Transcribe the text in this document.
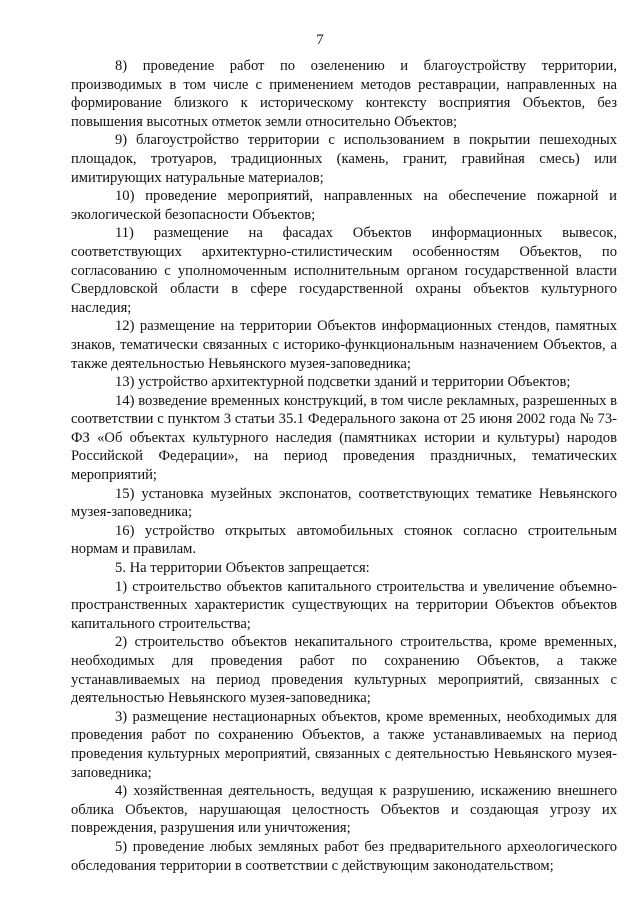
7

8) проведение работ по озеленению и благоустройству территории, производимых в том числе с применением методов реставрации, направленных на формирование близкого к историческому контексту восприятия Объектов, без повышения высотных отметок земли относительно Объектов;

9) благоустройство территории с использованием в покрытии пешеходных площадок, тротуаров, традиционных (камень, гранит, гравийная смесь) или имитирующих натуральные материалов;

10) проведение мероприятий, направленных на обеспечение пожарной и экологической безопасности Объектов;

11) размещение на фасадах Объектов информационных вывесок, соответствующих архитектурно-стилистическим особенностям Объектов, по согласованию с уполномоченным исполнительным органом государственной власти Свердловской области в сфере государственной охраны объектов культурного наследия;

12) размещение на территории Объектов информационных стендов, памятных знаков, тематически связанных с историко-функциональным назначением Объектов, а также деятельностью Невьянского музея-заповедника;

13) устройство архитектурной подсветки зданий и территории Объектов;

14) возведение временных конструкций, в том числе рекламных, разрешенных в соответствии с пунктом 3 статьи 35.1 Федерального закона от 25 июня 2002 года № 73-ФЗ «Об объектах культурного наследия (памятниках истории и культуры) народов Российской Федерации», на период проведения праздничных, тематических мероприятий;

15) установка музейных экспонатов, соответствующих тематике Невьянского музея-заповедника;

16) устройство открытых автомобильных стоянок согласно строительным нормам и правилам.

5. На территории Объектов запрещается:

1) строительство объектов капитального строительства и увеличение объемно-пространственных характеристик существующих на территории Объектов объектов капитального строительства;

2) строительство объектов некапитального строительства, кроме временных, необходимых для проведения работ по сохранению Объектов, а также устанавливаемых на период проведения культурных мероприятий, связанных с деятельностью Невьянского музея-заповедника;

3) размещение нестационарных объектов, кроме временных, необходимых для проведения работ по сохранению Объектов, а также устанавливаемых на период проведения культурных мероприятий, связанных с деятельностью Невьянского музея-заповедника;

4) хозяйственная деятельность, ведущая к разрушению, искажению внешнего облика Объектов, нарушающая целостность Объектов и создающая угрозу их повреждения, разрушения или уничтожения;

5) проведение любых земляных работ без предварительного археологического обследования территории в соответствии с действующим законодательством;
